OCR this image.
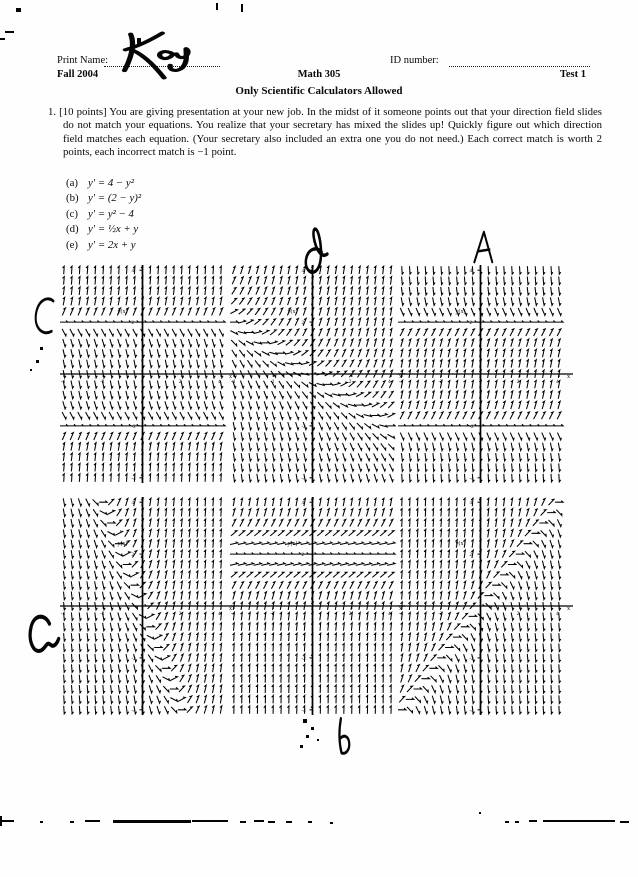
Print Name:	ID number:
Fall 2004	Math 305	Test 1
Only Scientific Calculators Allowed
1. [10 points] You are giving presentation at your new job. In the midst of it someone points out that your direction field slides do not match your equations. You realize that your secretary has mixed the slides up! Quickly figure out which direction field matches each equation. (Your secretary also included an extra one you do not need.) Each correct match is worth 2 points, each incorrect match is −1 point.
(a) y′ = 4 − y²
(b) y′ = (2 − y)²
(c) y′ = y² − 4
(d) y′ = ½x + y
(e) y′ = 2x + y
-4
-4
-2
-2
2
2
4
4
y(x)
x
-4
-4
-2
-2
2
2
4
4
y(x)
x
-4
-4
-2
-2
2
2
4
4
y(x)
x
-4
-4
-2
-2
2
2
4
4
y(x)
x
-4
-4
-2
-2
2
2
4
4
y(x)
x
-4
-4
-2
-2
2
2
4
4
y(x)
x
